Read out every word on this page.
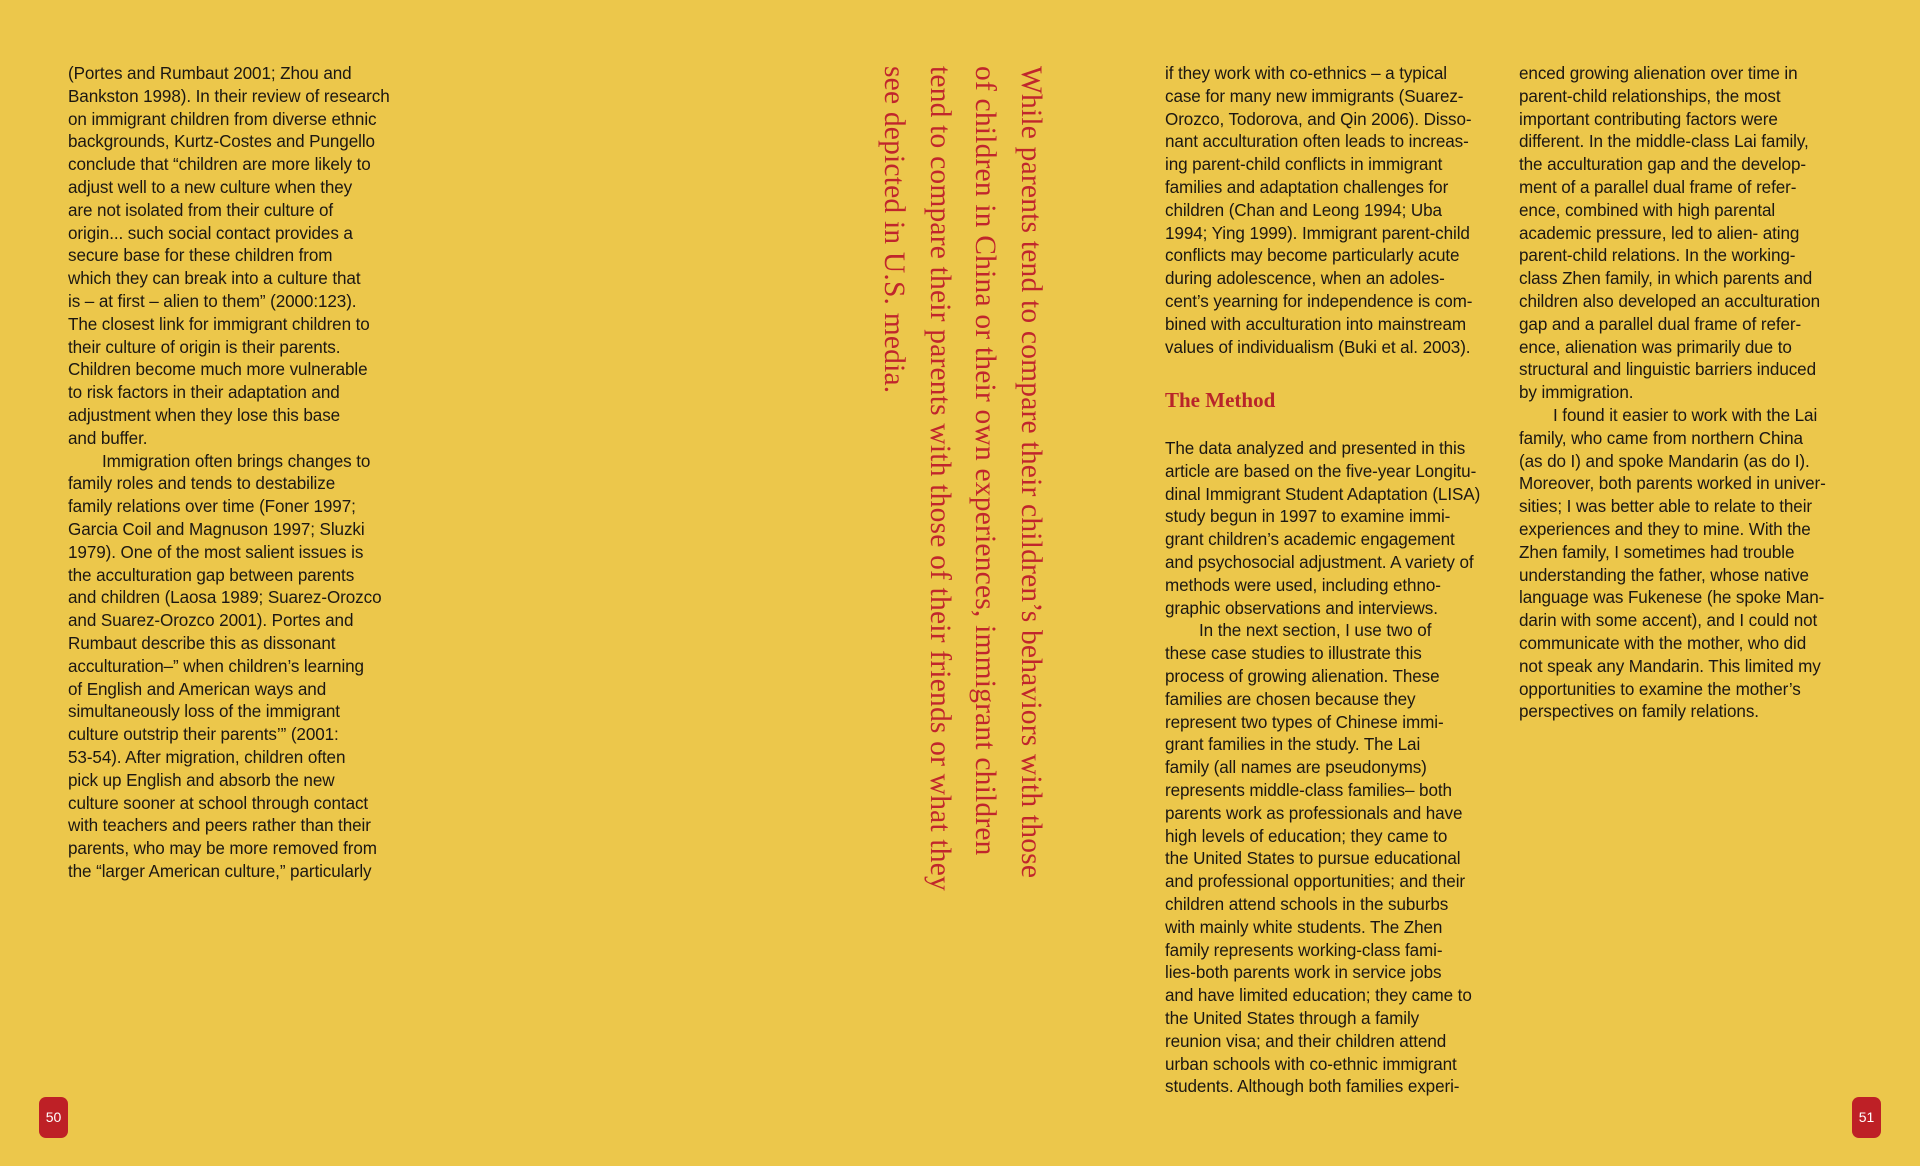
(Portes and Rumbaut 2001; Zhou and

Bankston 1998). In their review of research

on immigrant children from diverse ethnic

backgrounds, Kurtz-Costes and Pungello

conclude that “children are more likely to

adjust well to a new culture when they

are not isolated from their culture of

origin... such social contact provides a

secure base for these children from

which they can break into a culture that

is – at first – alien to them” (2000:123).

The closest link for immigrant children to

their culture of origin is their parents.

Children become much more vulnerable

to risk factors in their adaptation and

adjustment when they lose this base

and buffer.

Immigration often brings changes to

family roles and tends to destabilize

family relations over time (Foner 1997;

Garcia Coil and Magnuson 1997; Sluzki

1979). One of the most salient issues is

the acculturation gap between parents

and children (Laosa 1989; Suarez-Orozco

and Suarez-Orozco 2001). Portes and

Rumbaut describe this as dissonant

acculturation–” when children’s learning

of English and American ways and

simultaneously loss of the immigrant

culture outstrip their parents’” (2001:

53-54). After migration, children often

pick up English and absorb the new

culture sooner at school through contact

with teachers and peers rather than their

parents, who may be more removed from

the “larger American culture,” particularly	While parents tend to compare their children’s behaviors with those
of children in China or their own experiences, immigrant children
tend to compare their parents with those of their friends or what they
see depicted in U.S. media.	if they work with co-ethnics – a typical

case for many new immigrants (Suarez-

Orozco, Todorova, and Qin 2006). Disso-

nant acculturation often leads to increas-

ing parent-child conflicts in immigrant

families and adaptation challenges for

children (Chan and Leong 1994; Uba

1994; Ying 1999). Immigrant parent-child

conflicts may become particularly acute

during adolescence, when an adoles-

cent’s yearning for independence is com-

bined with acculturation into mainstream

values of individualism (Buki et al. 2003).

The Method

The data analyzed and presented in this

article are based on the five-year Longitu-

dinal Immigrant Student Adaptation (LISA)

study begun in 1997 to examine immi-

grant children’s academic engagement

and psychosocial adjustment. A variety of

methods were used, including ethno-

graphic observations and interviews.

In the next section, I use two of

these case studies to illustrate this

process of growing alienation. These

families are chosen because they

represent two types of Chinese immi-

grant families in the study. The Lai

family (all names are pseudonyms)

represents middle-class families– both

parents work as professionals and have

high levels of education; they came to

the United States to pursue educational

and professional opportunities; and their

children attend schools in the suburbs

with mainly white students. The Zhen

family represents working-class fami-

lies-both parents work in service jobs

and have limited education; they came to

the United States through a family

reunion visa; and their children attend

urban schools with co-ethnic immigrant

students. Although both families experi-

enced growing alienation over time in

parent-child relationships, the most

important contributing factors were

different. In the middle-class Lai family,

the acculturation gap and the develop-

ment of a parallel dual frame of refer-

ence, combined with high parental

academic pressure, led to alien- ating

parent-child relations. In the working-

class Zhen family, in which parents and

children also developed an acculturation

gap and a parallel dual frame of refer-

ence, alienation was primarily due to

structural and linguistic barriers induced

by immigration.

I found it easier to work with the Lai

family, who came from northern China

(as do I) and spoke Mandarin (as do I).

Moreover, both parents worked in univer-

sities; I was better able to relate to their

experiences and they to mine. With the

Zhen family, I sometimes had trouble

understanding the father, whose native

language was Fukenese (he spoke Man-

darin with some accent), and I could not

communicate with the mother, who did

not speak any Mandarin. This limited my

opportunities to examine the mother’s

perspectives on family relations.

50	51
